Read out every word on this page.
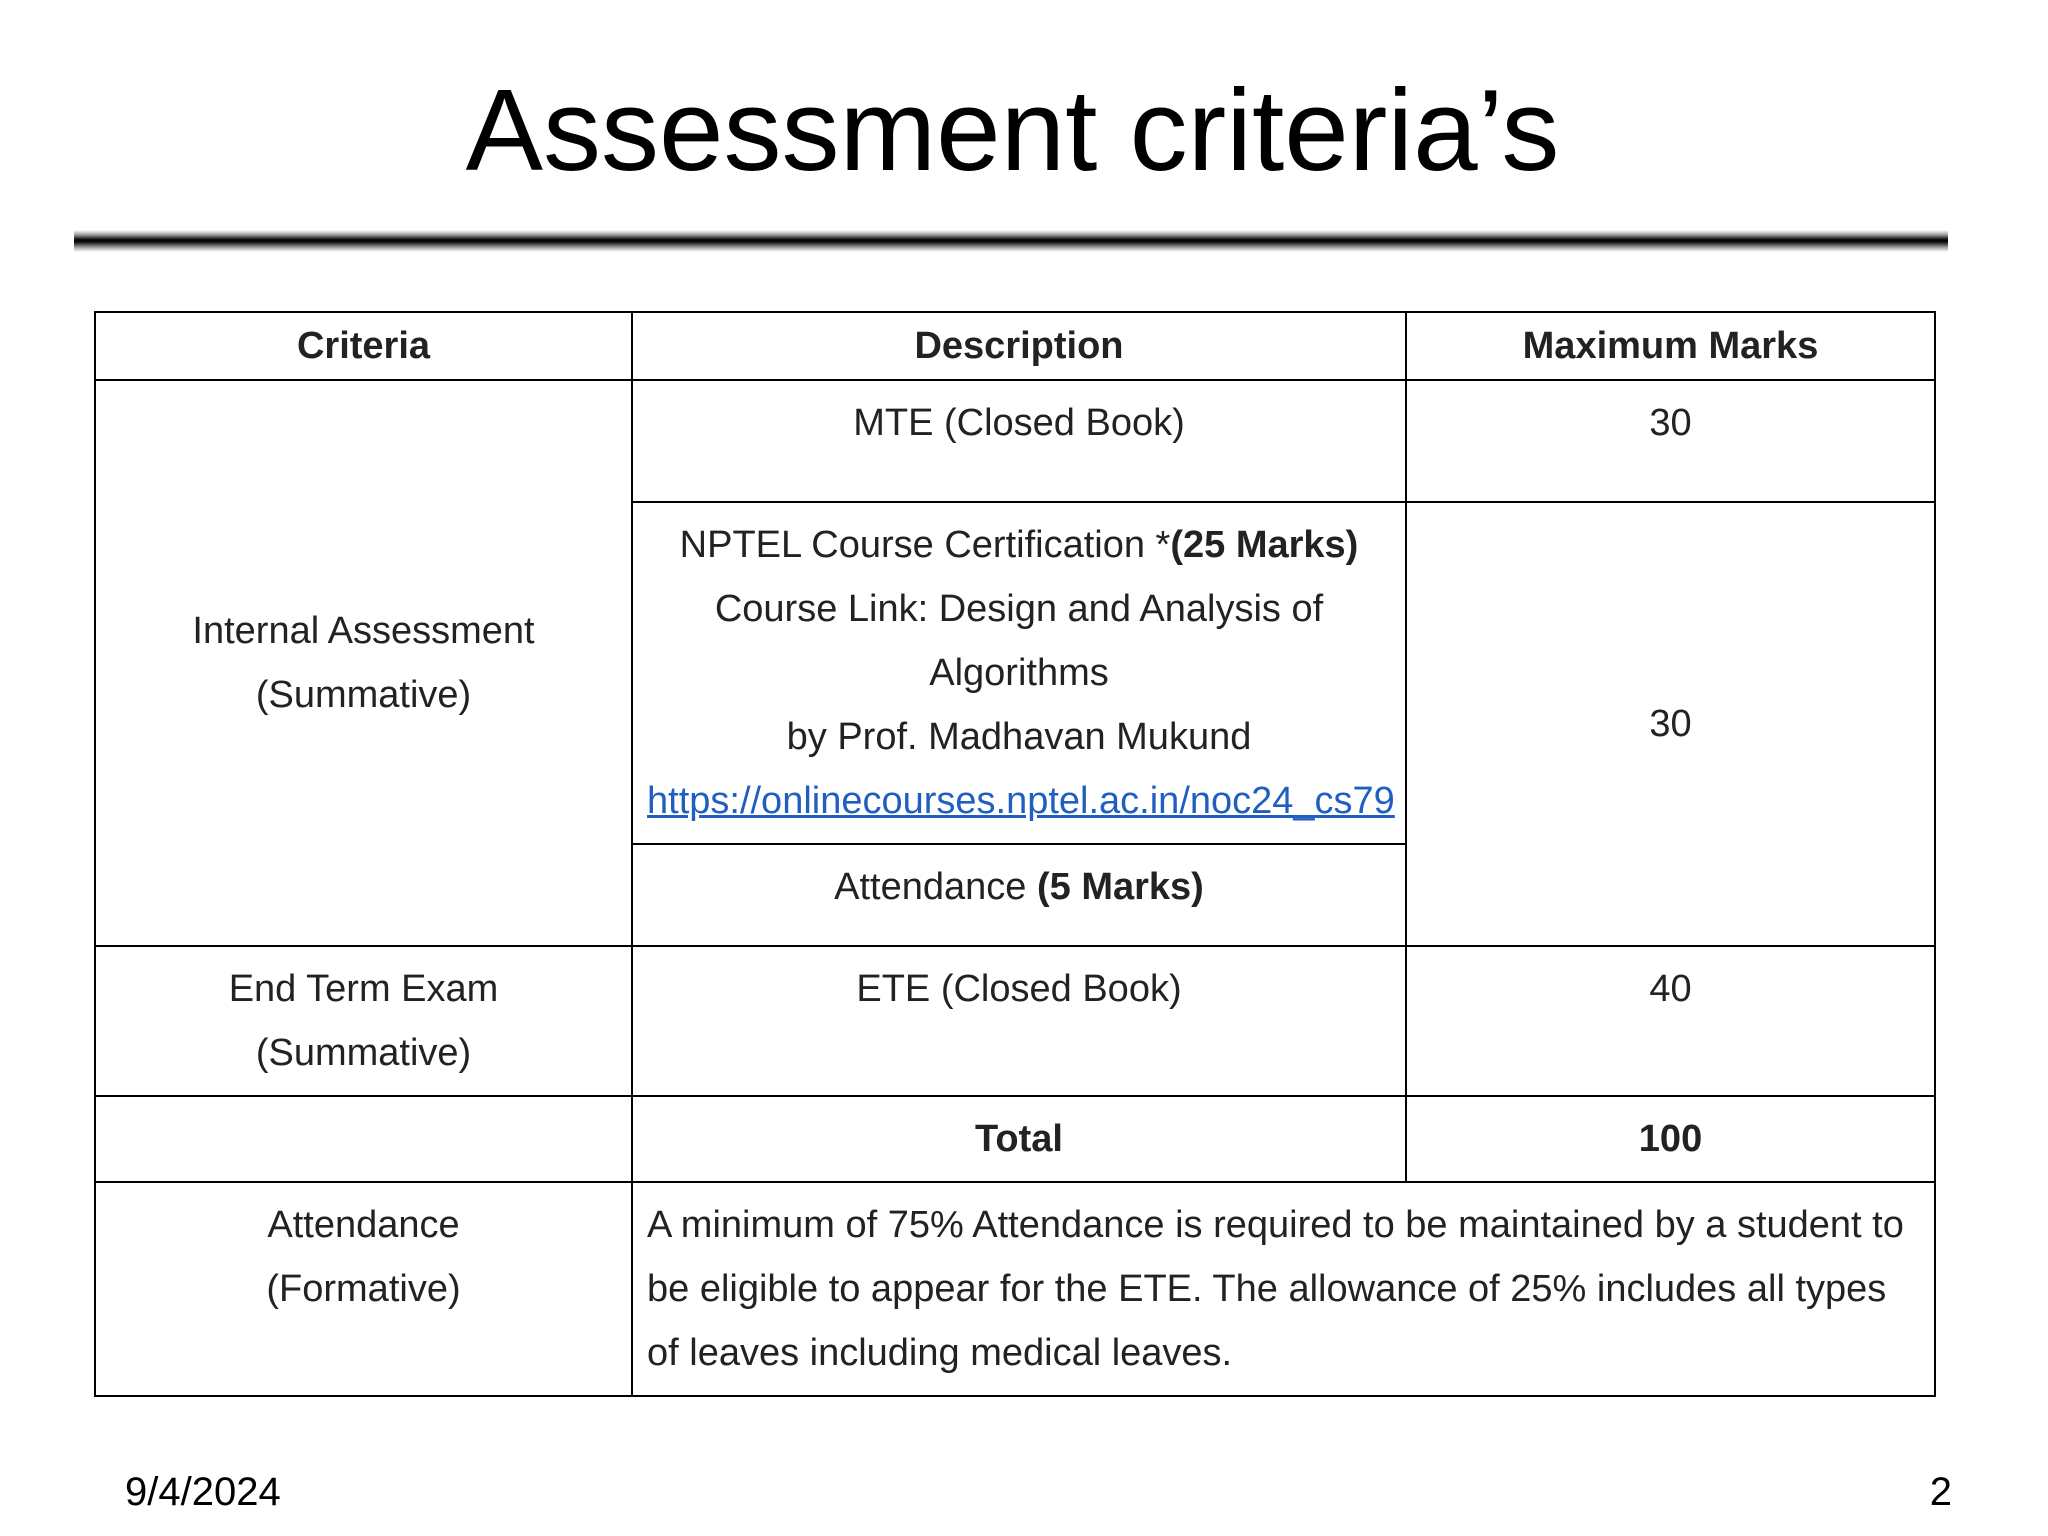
Assessment criteria’s
Criteria	Description	Maximum Marks

Internal Assessment
(Summative)	MTE (Closed Book)	30

	NPTEL Course Certification *(25 Marks)
Course Link: Design and Analysis of Algorithms
by Prof. Madhavan Mukund
https://onlinecourses.nptel.ac.in/noc24_cs79	30
	Attendance (5 Marks)	

End Term Exam
(Summative)	ETE (Closed Book)	40
	Total	100

Attendance
(Formative)	A minimum of 75% Attendance is required to be maintained by a student to be eligible to appear for the ETE. The allowance of 25% includes all types of leaves including medical leaves.	
9/4/2024	2
